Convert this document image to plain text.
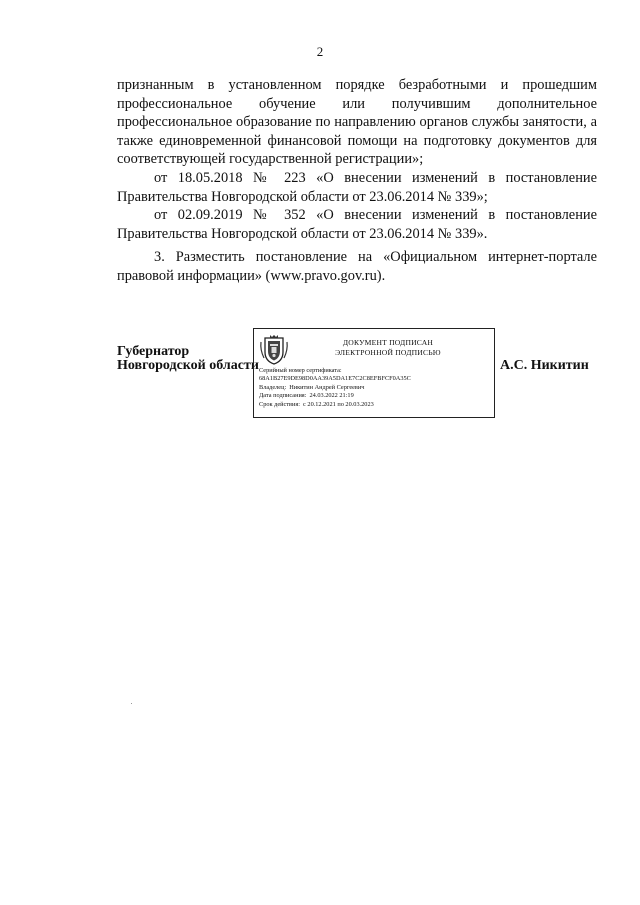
2

признанным в установленном порядке безработными и прошедшим профессиональное обучение или получившим дополнительное профессиональное образование по направлению органов службы занятости, а также единовременной финансовой помощи на подготовку документов для соответствующей государственной регистрации»;

от 18.05.2018 № 223 «О внесении изменений в постановление Правительства Новгородской области от 23.06.2014 № 339»;

от 02.09.2019 № 352 «О внесении изменений в постановление Правительства Новгородской области от 23.06.2014 № 339».

3. Разместить постановление на «Официальном интернет-портале правовой информации» (www.pravo.gov.ru).

Губернатор
Новгородской области
ДОКУМЕНТ ПОДПИСАН
ЭЛЕКТРОННОЙ ПОДПИСЬЮ
Серийный номер сертификата:
68A1B27E9DE98D0AA39A5DA1E7C2C8EFBFCF0A35C
Владелец: Никитин Андрей Сергеевич
Дата подписания: 24.03.2022 21:19
Срок действия: с 20.12.2021 по 20.03.2023
А.С. Никитин
